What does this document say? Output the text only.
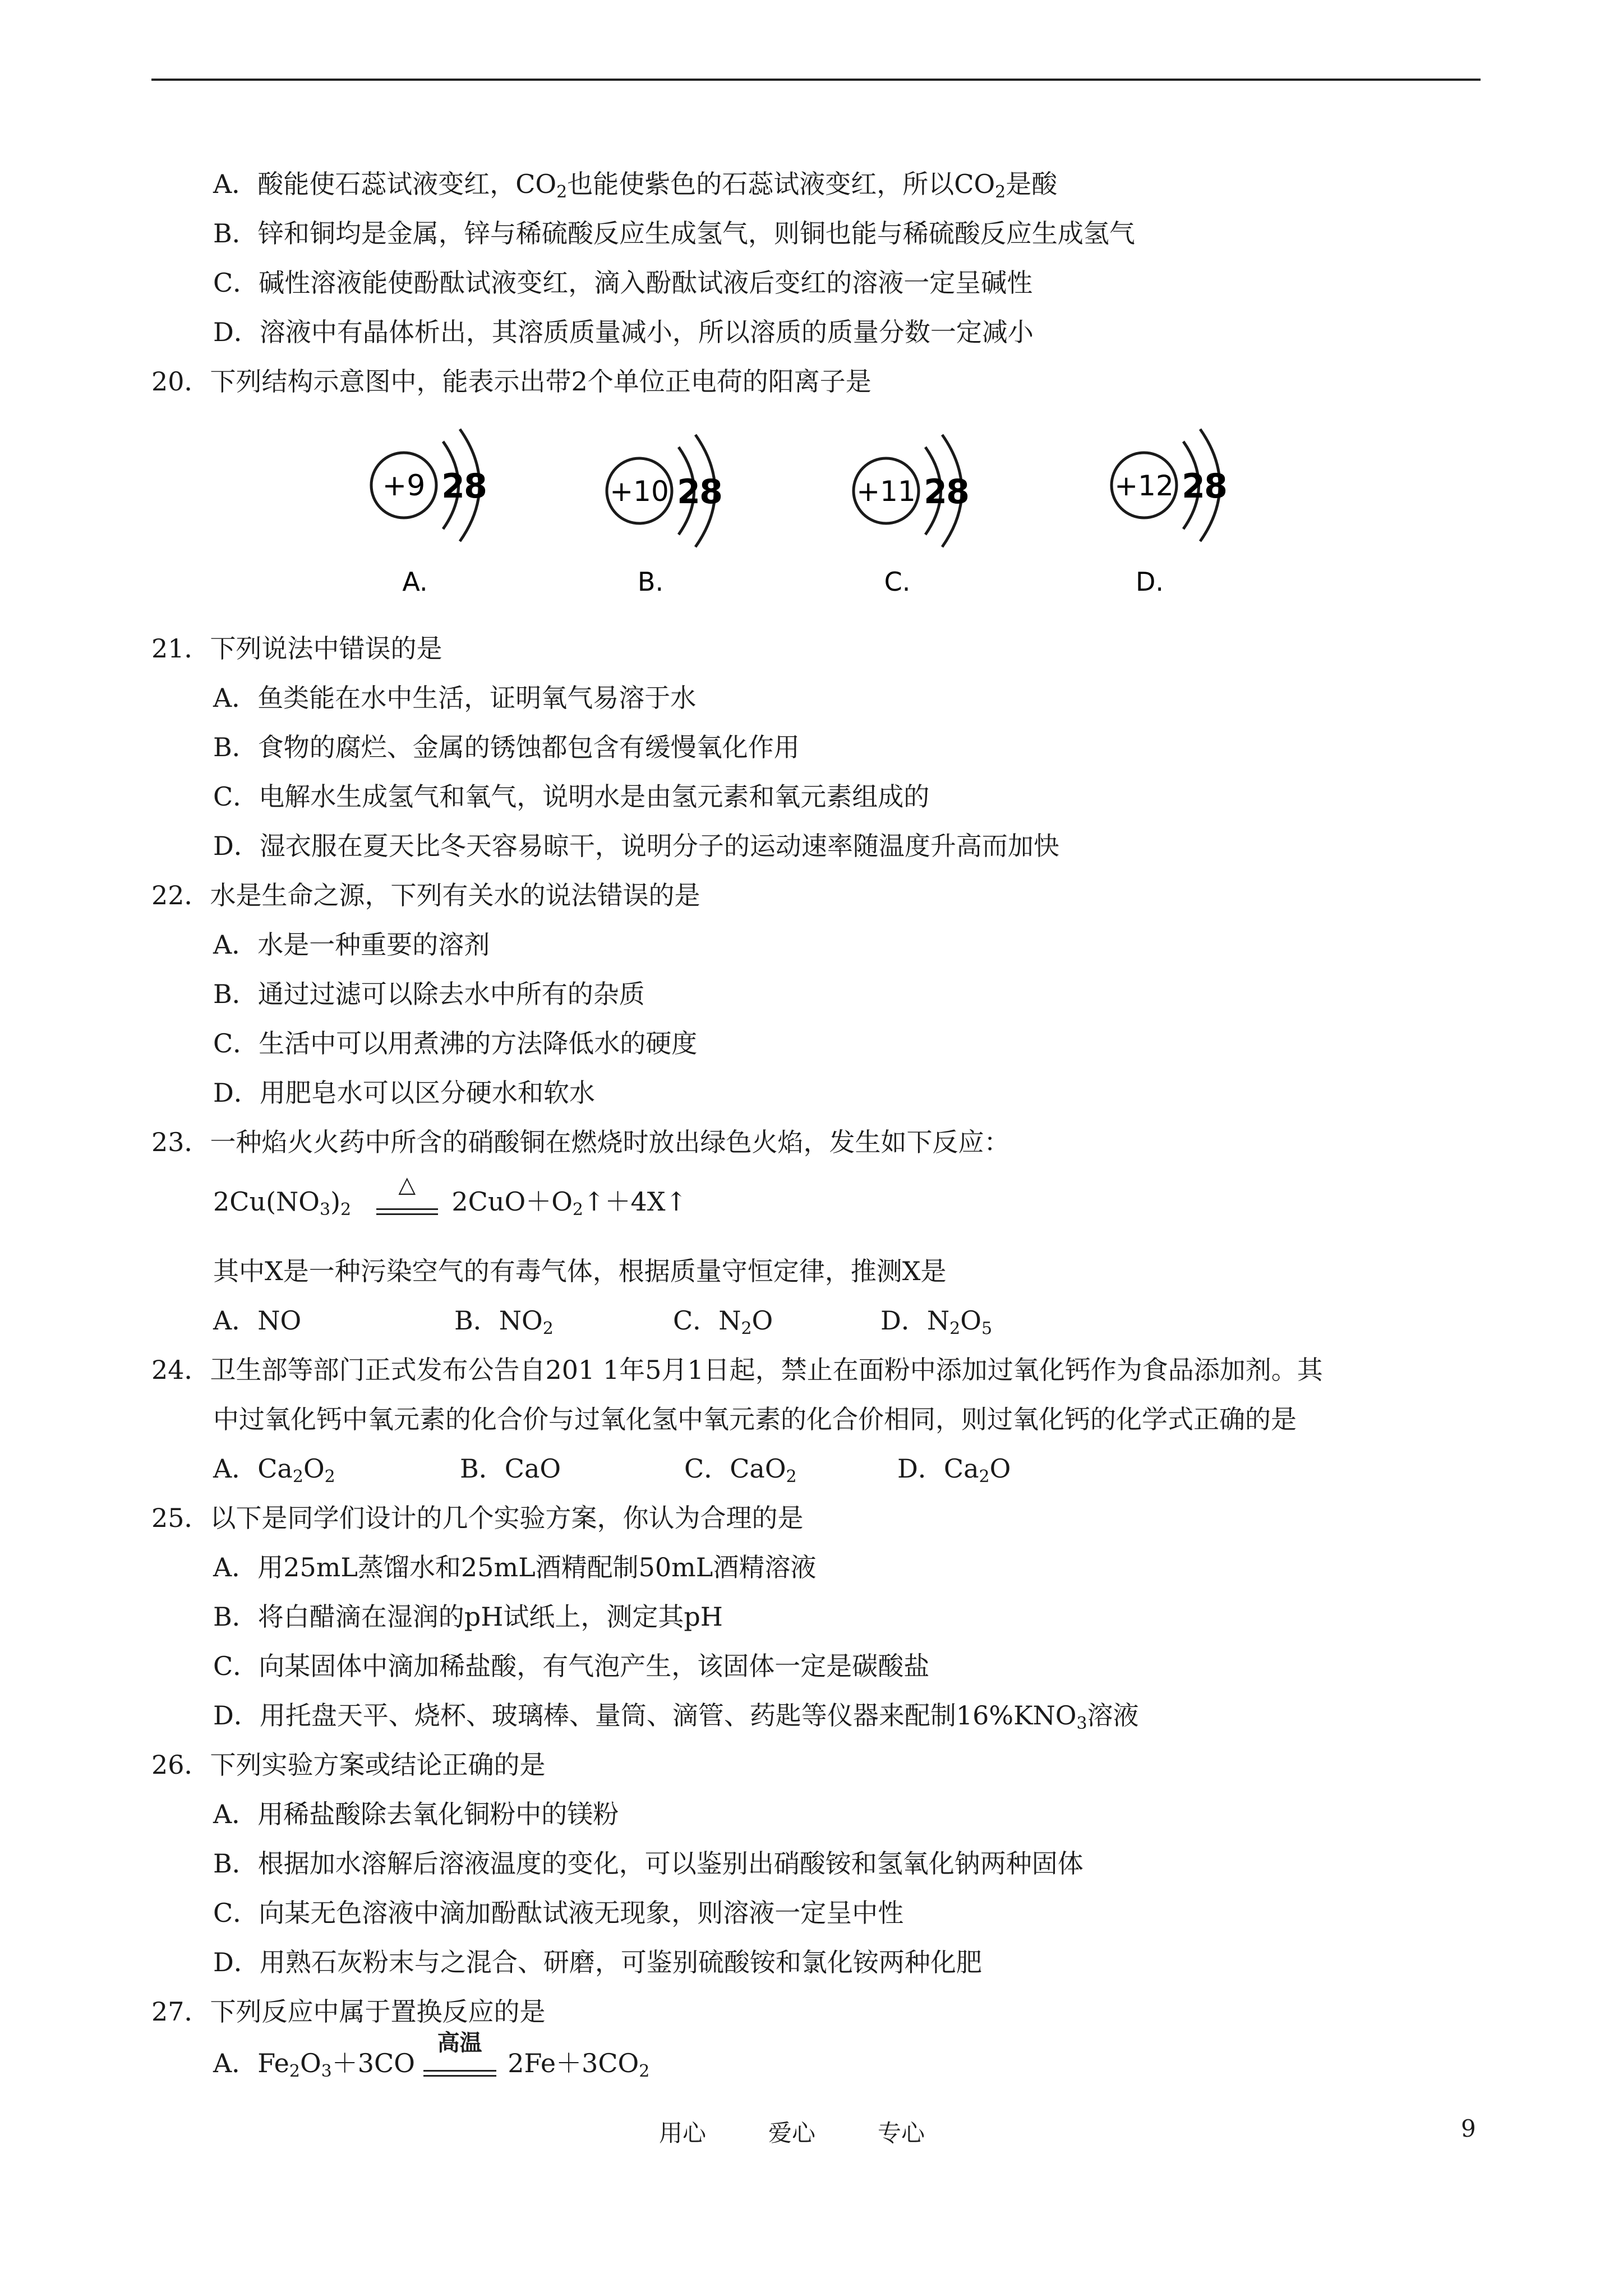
A．酸能使石蕊试液变红，$CO_2$也能使紫色的石蕊试液变红，所以$CO_2$是酸
B．锌和铜均是金属，锌与稀硫酸反应生成氢气，则铜也能与稀硫酸反应生成氢气
C．碱性溶液能使酚酞试液变红，滴入酚酞试液后变红的溶液一定呈碱性
D．溶液中有晶体析出，其溶质质量减小，所以溶质的质量分数一定减小
20．下列结构示意图中，能表示出带2个单位正电荷的阳离子是
+9 2
8
A.
+10 2
8
B.
+11 2
8
C.
+12 2
8
D.
21．下列说法中错误的是
A．鱼类能在水中生活，证明氧气易溶于水
B．食物的腐烂、金属的锈蚀都包含有缓慢氧化作用
C．电解水生成氢气和氧气，说明水是由氢元素和氧元素组成的
D．湿衣服在夏天比冬天容易晾干，说明分子的运动速率随温度升高而加快
22．水是生命之源，下列有关水的说法错误的是
A．水是一种重要的溶剂
B．通过过滤可以除去水中所有的杂质
C．生活中可以用煮沸的方法降低水的硬度
D．用肥皂水可以区分硬水和软水
23．一种焰火火药中所含的硝酸铜在燃烧时放出绿色火焰，发生如下反应：
$2Cu(NO_3)_2$
△
$2CuO+O_2↑+4X↑$
其中X是一种污染空气的有毒气体，根据质量守恒定律，推测X是
A．NO	B．$NO_2$	C．$N_2O$	D．$N_2O_5$
24．卫生部等部门正式发布公告自201 1年5月1日起，禁止在面粉中添加过氧化钙作为食品添加剂。其
中过氧化钙中氧元素的化合价与过氧化氢中氧元素的化合价相同，则过氧化钙的化学式正确的是
A．$Ca_2O_2$	B．CaO	C．CaO$_2$	D．$Ca_2O$
25．以下是同学们设计的几个实验方案，你认为合理的是
A．用25mL蒸馏水和25mL酒精配制50mL酒精溶液
B．将白醋滴在湿润的pH试纸上，测定其pH
C．向某固体中滴加稀盐酸，有气泡产生，该固体一定是碳酸盐
D．用托盘天平、烧杯、玻璃棒、量筒、滴管、药匙等仪器来配制$16\%KNO_3$溶液
26．下列实验方案或结论正确的是
A．用稀盐酸除去氧化铜粉中的镁粉
B．根据加水溶解后溶液温度的变化，可以鉴别出硝酸铵和氢氧化钠两种固体
C．向某无色溶液中滴加酚酞试液无现象，则溶液一定呈中性
D．用熟石灰粉末与之混合、研磨，可鉴别硫酸铵和氯化铵两种化肥
27．下列反应中属于置换反应的是
A．$Fe_2O_3+3CO$
高温
$2Fe+3CO_2$
用心	爱心	专心	9
